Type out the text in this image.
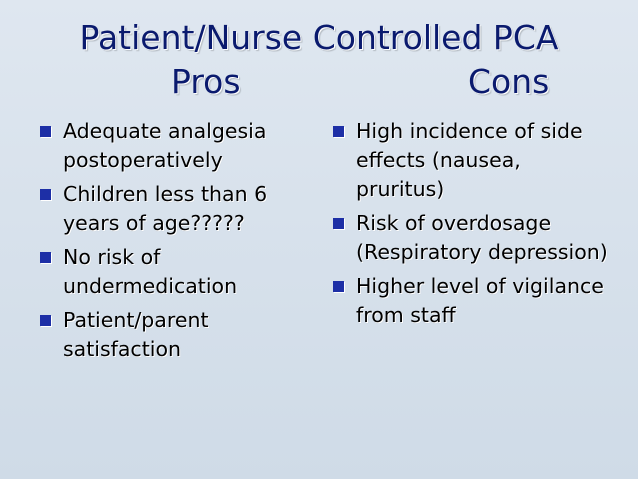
Patient/Nurse Controlled PCA
Pros	Cons
Adequate analgesia postoperatively
Children less than 6 years of age?????
No risk of undermedication
Patient/parent satisfaction
High incidence of side effects (nausea, pruritus)
Risk of overdosage (Respiratory depression)
Higher level of vigilance from staff
